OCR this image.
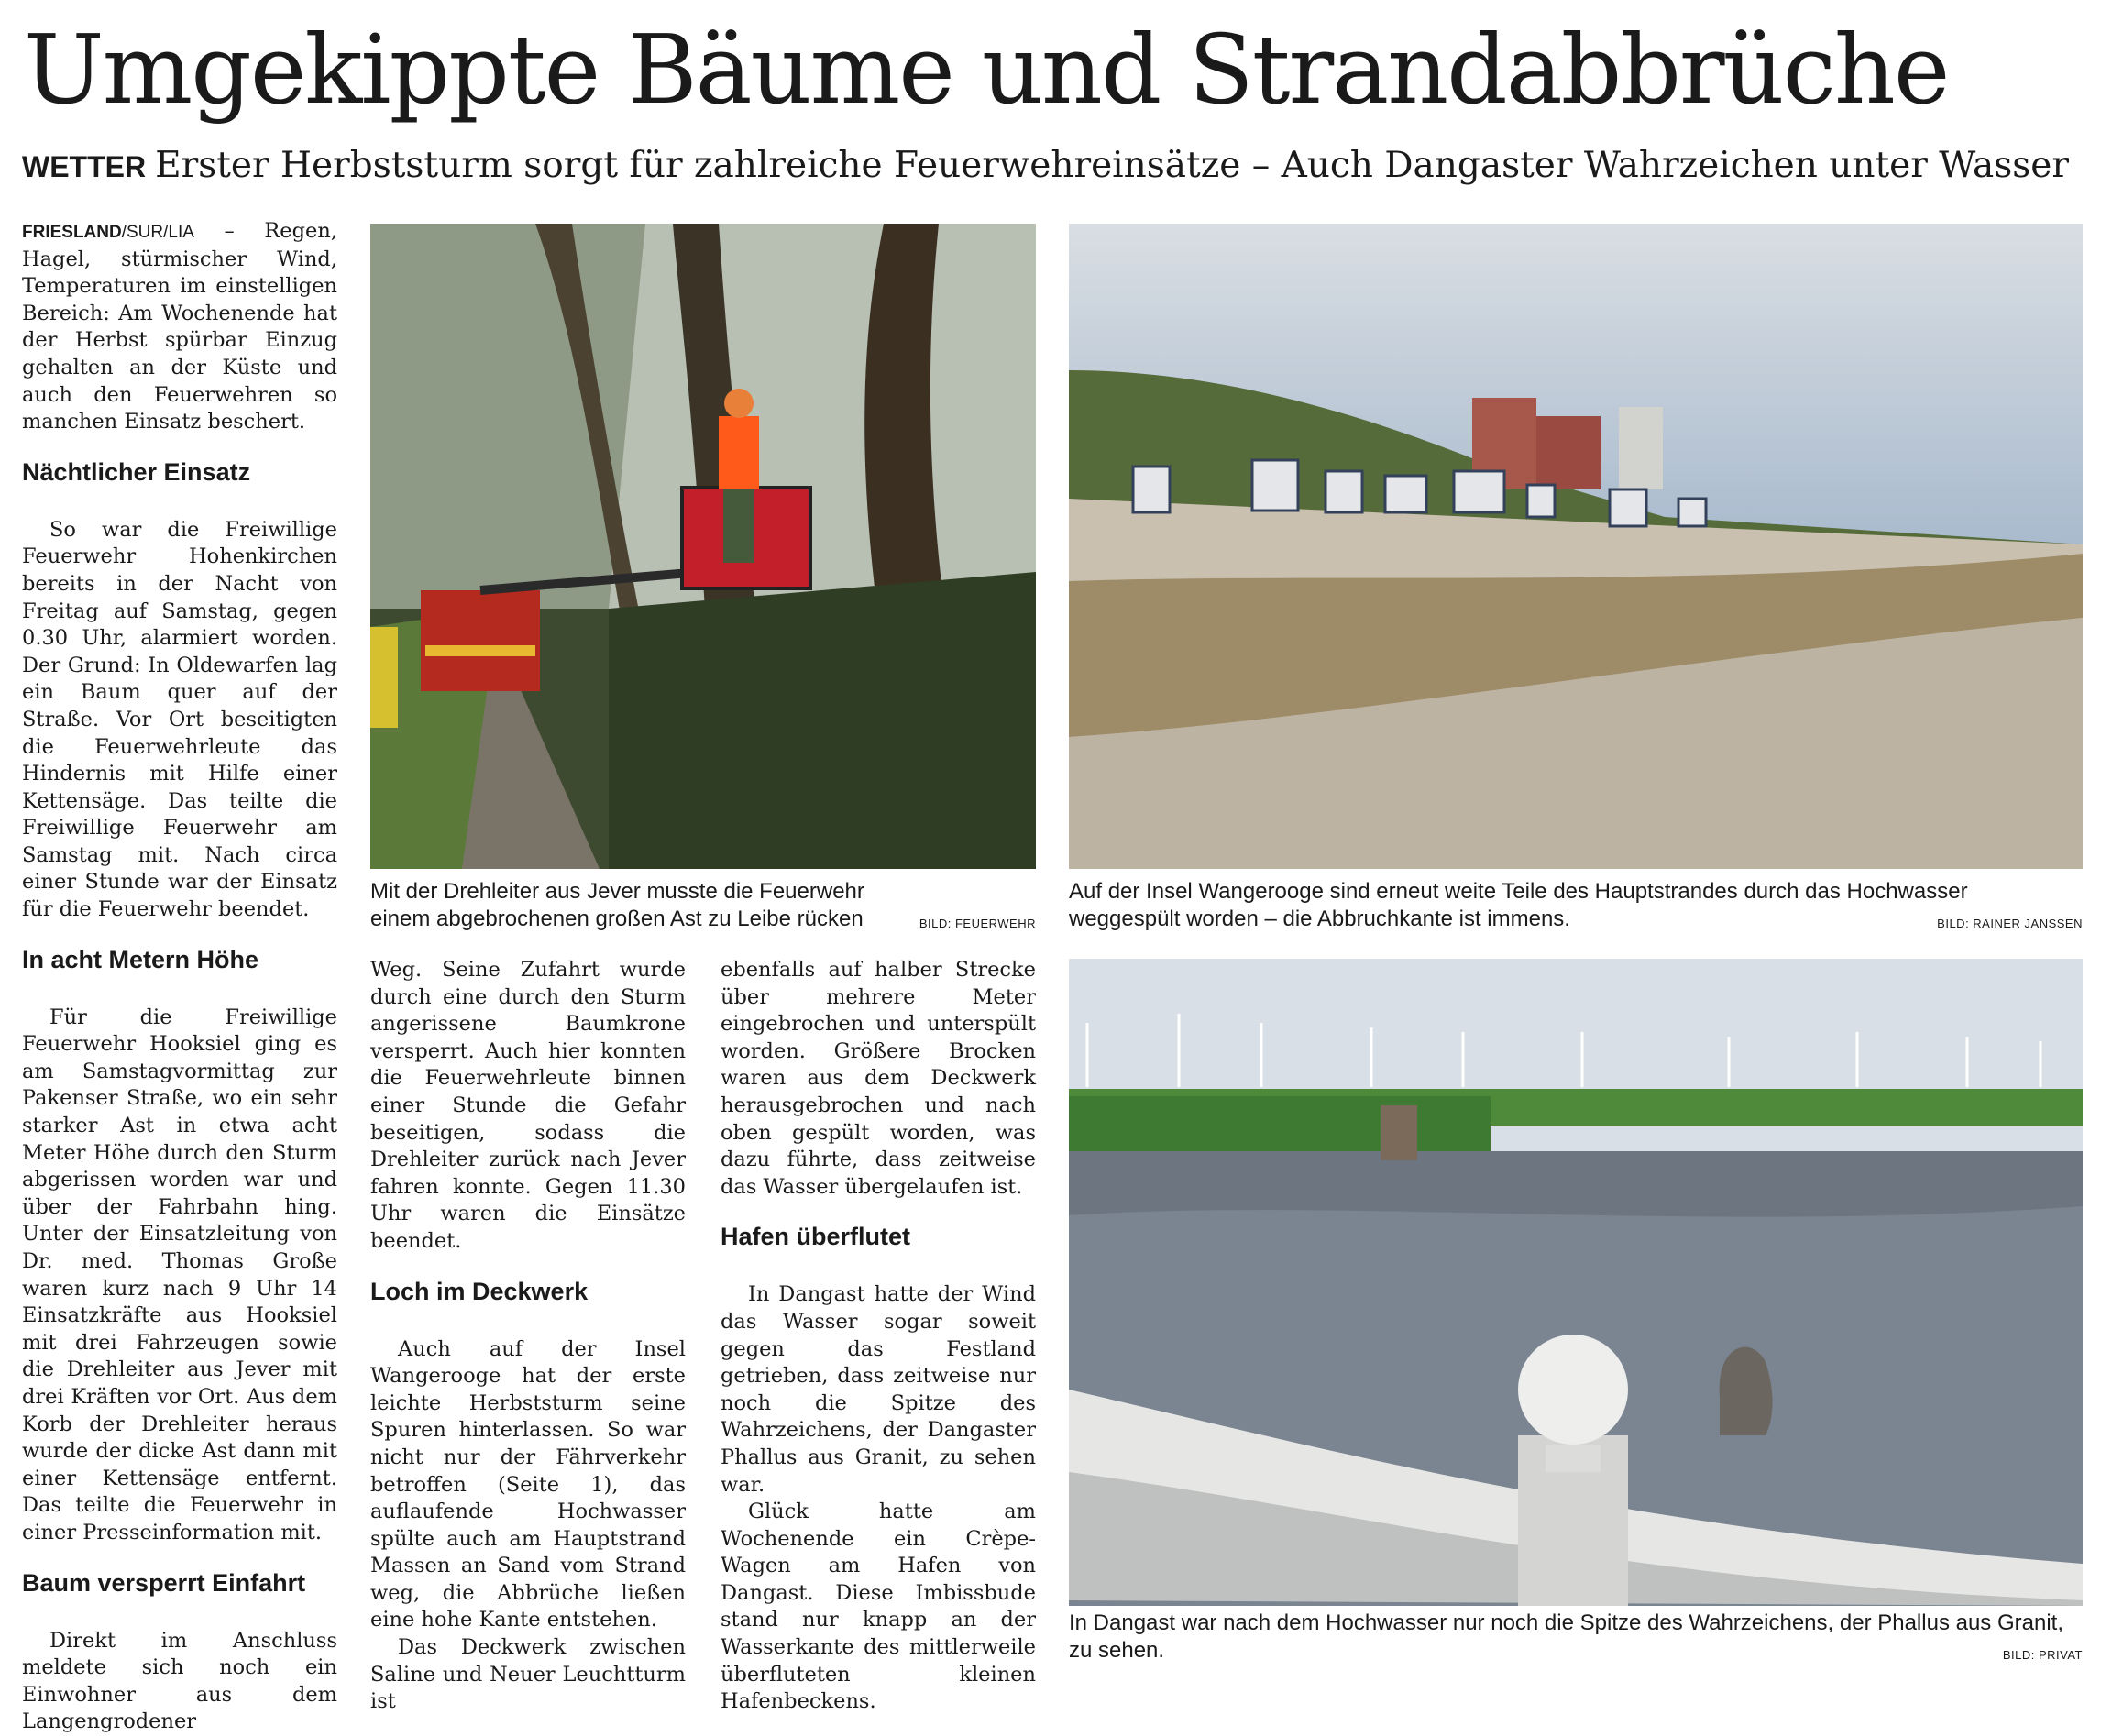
Umgekippte Bäume und Strandabbrüche
WETTER Erster Herbststurm sorgt für zahlreiche Feuerwehreinsätze – Auch Dangaster Wahrzeichen unter Wasser

FRIESLAND/SUR/LIA – Regen, Hagel, stürmischer Wind, Temperaturen im einstelligen Bereich: Am Wochenende hat der Herbst spürbar Einzug gehalten an der Küste und auch den Feuerwehren so manchen Einsatz beschert.

Nächtlicher Einsatz

So war die Freiwillige Feuerwehr Hohenkirchen bereits in der Nacht von Freitag auf Samstag, gegen 0.30 Uhr, alarmiert worden. Der Grund: In Oldewarfen lag ein Baum quer auf der Straße. Vor Ort beseitigten die Feuerwehrleute das Hindernis mit Hilfe einer Kettensäge. Das teilte die Freiwillige Feuerwehr am Samstag mit. Nach circa einer Stunde war der Einsatz für die Feuerwehr beendet.

In acht Metern Höhe

Für die Freiwillige Feuerwehr Hooksiel ging es am Samstagvormittag zur Pakenser Straße, wo ein sehr starker Ast in etwa acht Meter Höhe durch den Sturm abgerissen worden war und über der Fahrbahn hing. Unter der Einsatzleitung von Dr. med. Thomas Große waren kurz nach 9 Uhr 14 Einsatzkräfte aus Hooksiel mit drei Fahrzeugen sowie die Drehleiter aus Jever mit drei Kräften vor Ort. Aus dem Korb der Drehleiter heraus wurde der dicke Ast dann mit einer Kettensäge entfernt. Das teilte die Feuerwehr in einer Presseinformation mit.

Baum versperrt Einfahrt

Direkt im Anschluss meldete sich noch ein Einwohner aus dem Langengrodener

Weg. Seine Zufahrt wurde durch eine durch den Sturm angerissene Baumkrone versperrt. Auch hier konnten die Feuerwehrleute binnen einer Stunde die Gefahr beseitigen, sodass die Drehleiter zurück nach Jever fahren konnte. Gegen 11.30 Uhr waren die Einsätze beendet.

Loch im Deckwerk

Auch auf der Insel Wangerooge hat der erste leichte Herbststurm seine Spuren hinterlassen. So war nicht nur der Fährverkehr betroffen (Seite 1), das auflaufende Hochwasser spülte auch am Hauptstrand Massen an Sand vom Strand weg, die Abbrüche ließen eine hohe Kante entstehen.

Das Deckwerk zwischen Saline und Neuer Leuchtturm ist

ebenfalls auf halber Strecke über mehrere Meter eingebrochen und unterspült worden. Größere Brocken waren aus dem Deckwerk herausgebrochen und nach oben gespült worden, was dazu führte, dass zeitweise das Wasser übergelaufen ist.

Hafen überflutet

In Dangast hatte der Wind das Wasser sogar soweit gegen das Festland getrieben, dass zeitweise nur noch die Spitze des Wahrzeichens, der Dangaster Phallus aus Granit, zu sehen war.

Glück hatte am Wochenende ein Crèpe-Wagen am Hafen von Dangast. Diese Imbissbude stand nur knapp an der Wasserkante des mittlerweile überfluteten kleinen Hafenbeckens.

Mit der Drehleiter aus Jever musste die Feuerwehr einem abgebrochenen großen Ast zu Leibe rücken	BILD: FEUERWEHR
Auf der Insel Wangerooge sind erneut weite Teile des Hauptstrandes durch das Hochwasser weggespült worden – die Abbruchkante ist immens.	BILD: RAINER JANSSEN
In Dangast war nach dem Hochwasser nur noch die Spitze des Wahrzeichens, der Phallus aus Granit, zu sehen.	BILD: PRIVAT
